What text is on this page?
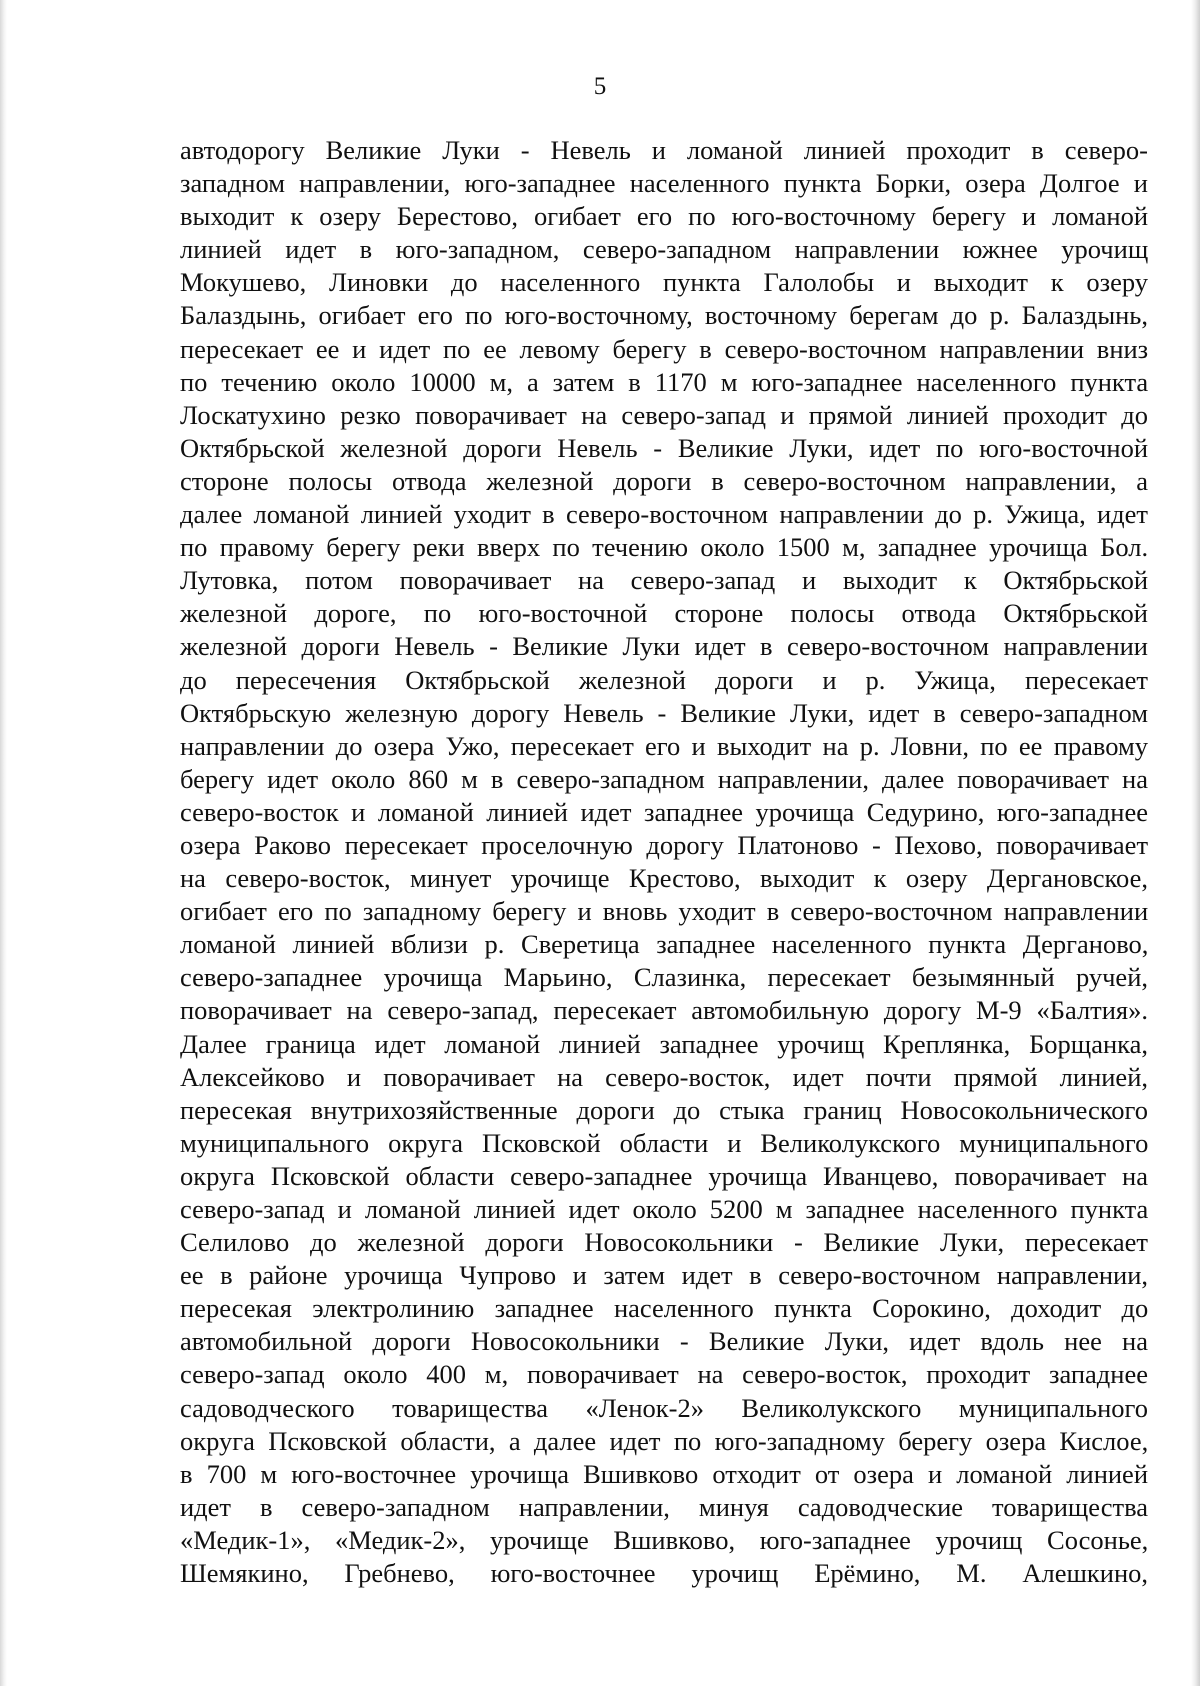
5
автодорогу Великие Луки - Невель и ломаной линией проходит в северо-
западном направлении, юго-западнее населенного пункта Борки, озера Долгое и
выходит к озеру Берестово, огибает его по юго-восточному берегу и ломаной
линией идет в юго-западном, северо-западном направлении южнее урочищ
Мокушево, Линовки до населенного пункта Галолобы и выходит к озеру
Балаздынь, огибает его по юго-восточному, восточному берегам до р. Балаздынь,
пересекает ее и идет по ее левому берегу в северо-восточном направлении вниз
по течению около 10000 м, а затем в 1170 м юго-западнее населенного пункта
Лоскатухино резко поворачивает на северо-запад и прямой линией проходит до
Октябрьской железной дороги Невель - Великие Луки, идет по юго-восточной
стороне полосы отвода железной дороги в северо-восточном направлении, а
далее ломаной линией уходит в северо-восточном направлении до р. Ужица, идет
по правому берегу реки вверх по течению около 1500 м, западнее урочища Бол.
Лутовка, потом поворачивает на северо-запад и выходит к Октябрьской
железной дороге, по юго-восточной стороне полосы отвода Октябрьской
железной дороги Невель - Великие Луки идет в северо-восточном направлении
до пересечения Октябрьской железной дороги и р. Ужица, пересекает
Октябрьскую железную дорогу Невель - Великие Луки, идет в северо-западном
направлении до озера Ужо, пересекает его и выходит на р. Ловни, по ее правому
берегу идет около 860 м в северо-западном направлении, далее поворачивает на
северо-восток и ломаной линией идет западнее урочища Седурино, юго-западнее
озера Раково пересекает проселочную дорогу Платоново - Пехово, поворачивает
на северо-восток, минует урочище Крестово, выходит к озеру Дергановское,
огибает его по западному берегу и вновь уходит в северо-восточном направлении
ломаной линией вблизи р. Сверетица западнее населенного пункта Дерганово,
северо-западнее урочища Марьино, Слазинка, пересекает безымянный ручей,
поворачивает на северо-запад, пересекает автомобильную дорогу М-9 «Балтия».
Далее граница идет ломаной линией западнее урочищ Креплянка, Борщанка,
Алексейково и поворачивает на северо-восток, идет почти прямой линией,
пересекая внутрихозяйственные дороги до стыка границ Новосокольнического
муниципального округа Псковской области и Великолукского муниципального
округа Псковской области северо-западнее урочища Иванцево, поворачивает на
северо-запад и ломаной линией идет около 5200 м западнее населенного пункта
Селилово до железной дороги Новосокольники - Великие Луки, пересекает
ее в районе урочища Чупрово и затем идет в северо-восточном направлении,
пересекая электролинию западнее населенного пункта Сорокино, доходит до
автомобильной дороги Новосокольники - Великие Луки, идет вдоль нее на
северо-запад около 400 м, поворачивает на северо-восток, проходит западнее
садоводческого товарищества «Ленок-2» Великолукского муниципального
округа Псковской области, а далее идет по юго-западному берегу озера Кислое,
в 700 м юго-восточнее урочища Вшивково отходит от озера и ломаной линией
идет в северо-западном направлении, минуя садоводческие товарищества
«Медик-1», «Медик-2», урочище Вшивково, юго-западнее урочищ Сосонье,
Шемякино, Гребнево, юго-восточнее урочищ Ерёмино, М. Алешкино,
